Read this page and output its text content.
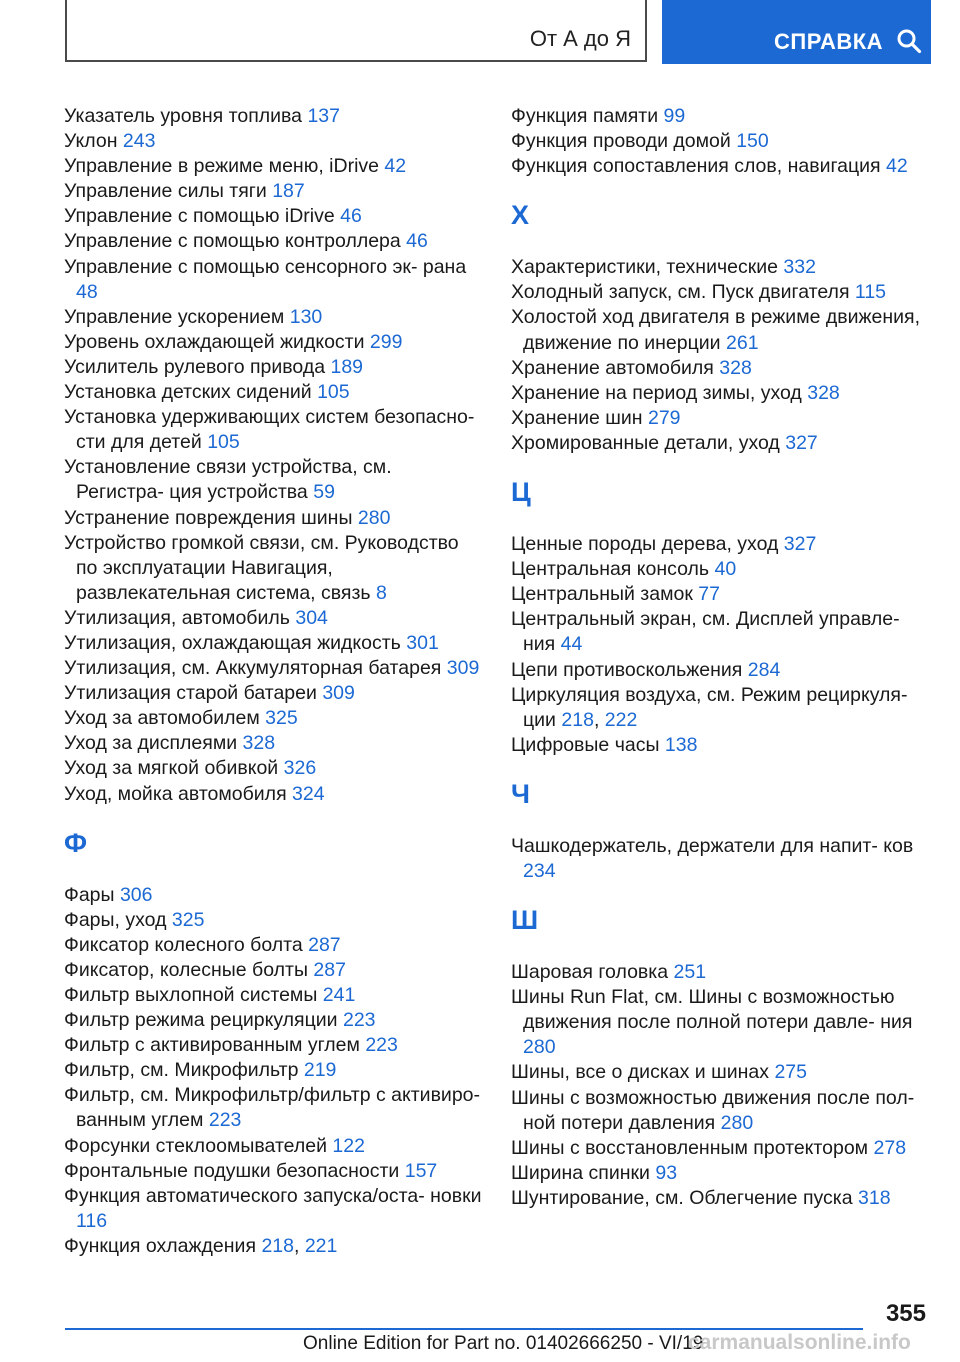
От А до Я	СПРАВКА
Указатель уровня топлива 137
Уклон 243
Управление в режиме меню, iDrive 42
Управление силы тяги 187
Управление с помощью iDrive 46
Управление с помощью контроллера 46
Управление с помощью сенсорного эк‐ рана 48
Управление ускорением 130
Уровень охлаждающей жидкости 299
Усилитель рулевого привода 189
Установка детских сидений 105
Установка удерживающих систем безопасно‐ сти для детей 105
Установление связи устройства, см. Регистра‐ ция устройства 59
Устранение повреждения шины 280
Устройство громкой связи, см. Руководство по эксплуатации Навигация, развлекательная система, связь 8
Утилизация, автомобиль 304
Утилизация, охлаждающая жидкость 301
Утилизация, см. Аккумуляторная батарея 309
Утилизация старой батареи 309
Уход за автомобилем 325
Уход за дисплеями 328
Уход за мягкой обивкой 326
Уход, мойка автомобиля 324
Ф
Фары 306
Фары, уход 325
Фиксатор колесного болта 287
Фиксатор, колесные болты 287
Фильтр выхлопной системы 241
Фильтр режима рециркуляции 223
Фильтр с активированным углем 223
Фильтр, см. Микрофильтр 219
Фильтр, см. Микрофильтр/фильтр с активиро‐ ванным углем 223
Форсунки стеклоомывателей 122
Фронтальные подушки безопасности 157
Функция автоматического запуска/оста‐ новки 116
Функция охлаждения 218, 221
Функция памяти 99
Функция проводи домой 150
Функция сопоставления слов, навигация 42
Х
Характеристики, технические 332
Холодный запуск, см. Пуск двигателя 115
Холостой ход двигателя в режиме движения, движение по инерции 261
Хранение автомобиля 328
Хранение на период зимы, уход 328
Хранение шин 279
Хромированные детали, уход 327
Ц
Ценные породы дерева, уход 327
Центральная консоль 40
Центральный замок 77
Центральный экран, см. Дисплей управле‐ ния 44
Цепи противоскольжения 284
Циркуляция воздуха, см. Режим рециркуля‐ ции 218, 222
Цифровые часы 138
Ч
Чашкодержатель, держатели для напит‐ ков 234
Ш
Шаровая головка 251
Шины Run Flat, см. Шины с возможностью движения после полной потери давле‐ ния 280
Шины, все о дисках и шинах 275
Шины с возможностью движения после пол‐ ной потери давления 280
Шины с восстановленным протектором 278
Ширина спинки 93
Шунтирование, см. Облегчение пуска 318
355
Online Edition for Part no. 01402666250 - VI/19
carmanualsonline.info
